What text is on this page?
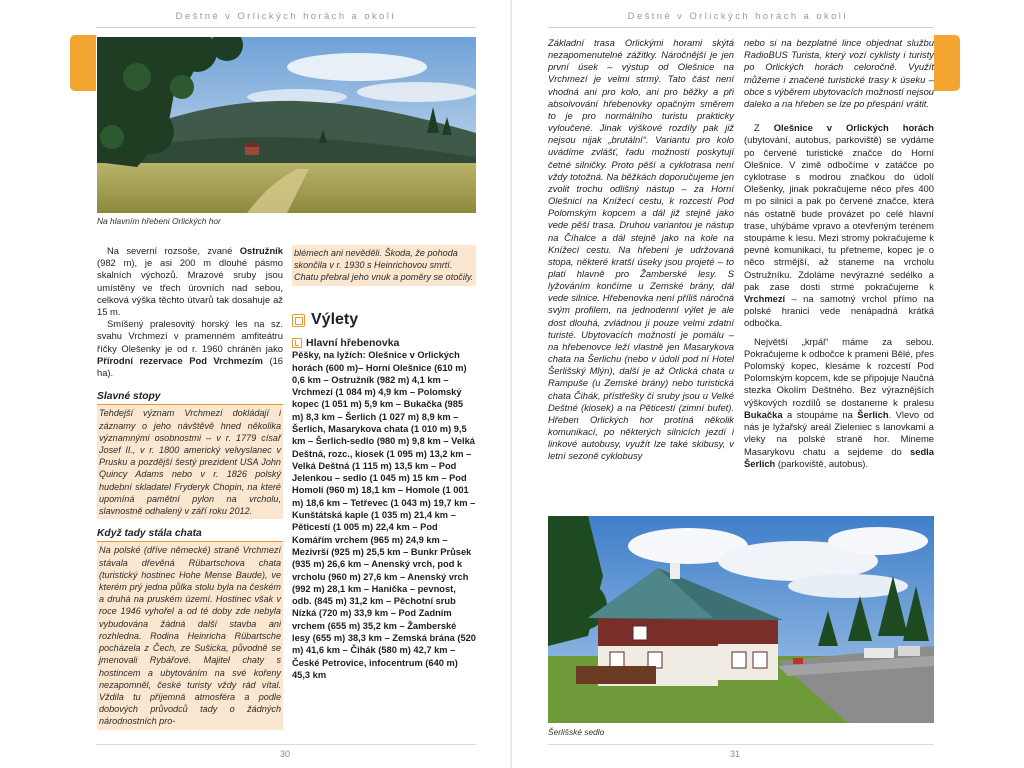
Deštné v Orlických horách a okolí
Na hlavním hřebeni Orlických hor

Na severní rozsoše, zvané Ostružník (982 m), je asi 200 m dlouhé pásmo skalních výchozů. Mrazové sruby jsou umístěny ve třech úrovních nad sebou, celková výška těchto útvarů tak dosahuje až 15 m.

Smíšený pralesovitý horský les na sz. svahu Vrchmezí v pramenném amfiteátru říčky Olešenky je od r. 1960 chráněn jako Přírodní rezervace Pod Vrchmezím (16 ha).

Slavné stopy
Tehdejší význam Vrchmezí dokládají i záznamy o jeho návštěvě hned několika významnými osobnostmi – v r. 1779 císař Josef II., v r. 1800 americký velvyslanec v Prusku a pozdější šestý prezident USA John Quincy Adams nebo v r. 1826 polský hudební skladatel Fryderyk Chopin, na které upomíná pamětní pylon na vrcholu, slavnostně odhalený v září roku 2012.
Když tady stála chata
Na polské (dříve německé) straně Vrchmezí stávala dřevěná Rübartschova chata (turistický hostinec Hohe Mense Baude), ve kterém prý jedna půlka stolu byla na českém a druhá na pruském území. Hostinec však v roce 1946 vyhořel a od té doby zde nebyla vybudována žádná další stavba ani rozhledna. Rodina Heinricha Rübartsche pocházela z Čech, ze Sušicka, původně se jmenovali Rybářové. Majitel chaty s hostincem a ubytováním na své kořeny nezapomněl, české turisty vždy rád vítal. Vždila tu příjemná atmosféra a podle dobových průvodců tady o žádných národnostních pro-
blémech ani nevěděli. Škoda, že pohoda skončila v r. 1930 s Heinrichovou smrtí. Chatu přebral jeho vnuk a poměry se otočily.
Výlety
Hlavní hřebenovka

Pěšky, na lyžích: Olešnice v Orlických horách (600 m)– Horní Olešnice (610 m) 0,6 km – Ostružník (982 m) 4,1 km – Vrchmezí (1 084 m) 4,9 km – Polomský kopec (1 051 m) 5,9 km – Bukačka (985 m) 8,3 km – Šerlich (1 027 m) 8,9 km – Šerlich, Masarykova chata (1 010 m) 9,5 km – Šerlich-sedlo (980 m) 9,8 km – Velká Deštná, rozc., kiosek (1 095 m) 13,2 km – Velká Deštná (1 115 m) 13,5 km – Pod Jelenkou – sedlo (1 045 m) 15 km – Pod Homolí (960 m) 18,1 km – Homole (1 001 m) 18,6 km – Tetřevec (1 043 m) 19,7 km – Kunštátská kaple (1 035 m) 21,4 km – Pěticestí (1 005 m) 22,4 km – Pod Komářím vrchem (965 m) 24,9 km – Mezivrší (925 m) 25,5 km – Bunkr Průsek (935 m) 26,6 km – Anenský vrch, pod k vrcholu (960 m) 27,6 km – Anenský vrch (992 m) 28,1 km – Hanička – pevnost, odb. (845 m) 31,2 km – Pěchotní srub Nízká (720 m) 33,9 km – Pod Zadním vrchem (655 m) 35,2 km – Žamberské lesy (655 m) 38,3 km – Zemská brána (520 m) 41,6 km – Čihák (580 m) 42,7 km – České Petrovice, infocentrum (640 m) 45,3 km

30
Deštné v Orlických horách a okolí
Základní trasa Orlickými horami skýtá nezapomenutelné zážitky. Náročnější je jen první úsek – výstup od Olešnice na Vrchmezí je velmi strmý. Tato část není vhodná ani pro kolo, ani pro běžky a při absolvování hřebenovky opačným směrem to je pro normálního turistu prakticky vyloučené. Jinak výškové rozdíly pak již nejsou nijak „brutální“. Variantu pro kolo uvádíme zvlášť, řadu možností poskytují četné silničky. Proto pěší a cyklotrasa není vždy totožná. Na běžkách doporučujeme jen zvolit trochu odlišný nástup – za Horní Olešnicí na Knížecí cestu, k rozcestí Pod Polomským kopcem a dál již stejně jako vede pěší trasa. Druhou variantou je nástup na Číhalce a dál stejně jako na kole na Knížecí cestu. Na hřebeni je udržovaná stopa, některé kratší úseky jsou projeté – to platí hlavně pro Žamberské lesy. S lyžováním končíme u Zemské brány, dál vede silnice. Hřebenovka není příliš náročná svým profilem, na jednodenní výlet je ale dost dlouhá, zvládnou ji pouze velmi zdatní turisté. Ubytovacích možností je pomálu – na hřebenovce leží vlastně jen Masarykova chata na Šerlichu (nebo v údolí pod ní Hotel Šerlišský Mlýn), další je až Orlická chata u Rampuše (u Zemské brány) nebo turistická chata Čihák, přístřešky či sruby jsou u Velké Deštné (kiosek) a na Pěticestí (zimní bufet). Hřeben Orlických hor protíná několik komunikací, po některých silnicích jezdí i linkové autobusy, využít lze také skibusy, v letní sezoně cyklobusy

nebo si na bezplatné lince objednat službu RadioBUS Turista, který vozí cyklisty i turisty po Orlických horách celoročně. Využít můžeme i značené turistické trasy k úseku – obce s výběrem ubytovacích možností nejsou daleko a na hřeben se lze po přespání vrátit.

Z Olešnice v Orlických horách (ubytování, autobus, parkoviště) se vydáme po červené turistické značce do Horní Olešnice. V zimě odbočíme v zatáčce po cyklotrase s modrou značkou do údolí Olešenky, jinak pokračujeme něco přes 400 m po silnici a pak po červené značce, která nás ostatně bude provázet po celé hlavní trase, uhýbáme vpravo a otevřeným terénem stoupáme k lesu. Mezi stromy pokračujeme k pevné komunikaci, tu přetneme, kopec je o něco strmější, až staneme na vrcholu Ostružníku. Zdoláme nevýrazné sedélko a pak zase dosti strmé pokračujeme k Vrchmezí – na samotný vrchol přímo na polské hranici vede nenápadná krátká odbočka.

Největší „krpál“ máme za sebou. Pokračujeme k odbočce k prameni Bělé, přes Polomský kopec, klesáme k rozcestí Pod Polomským kopcem, kde se připojuje Naučná stezka Okolím Deštného. Bez výraznějších výškových rozdílů se dostaneme k pralesu Bukačka a stoupáme na Šerlich. Vlevo od nás je lyžařský areál Zieleniec s lanovkami a vleky na polské straně hor. Mineme Masarykovu chatu a sejdeme do sedla Šerlich (parkoviště, autobus).

Šerlišské sedlo
31
